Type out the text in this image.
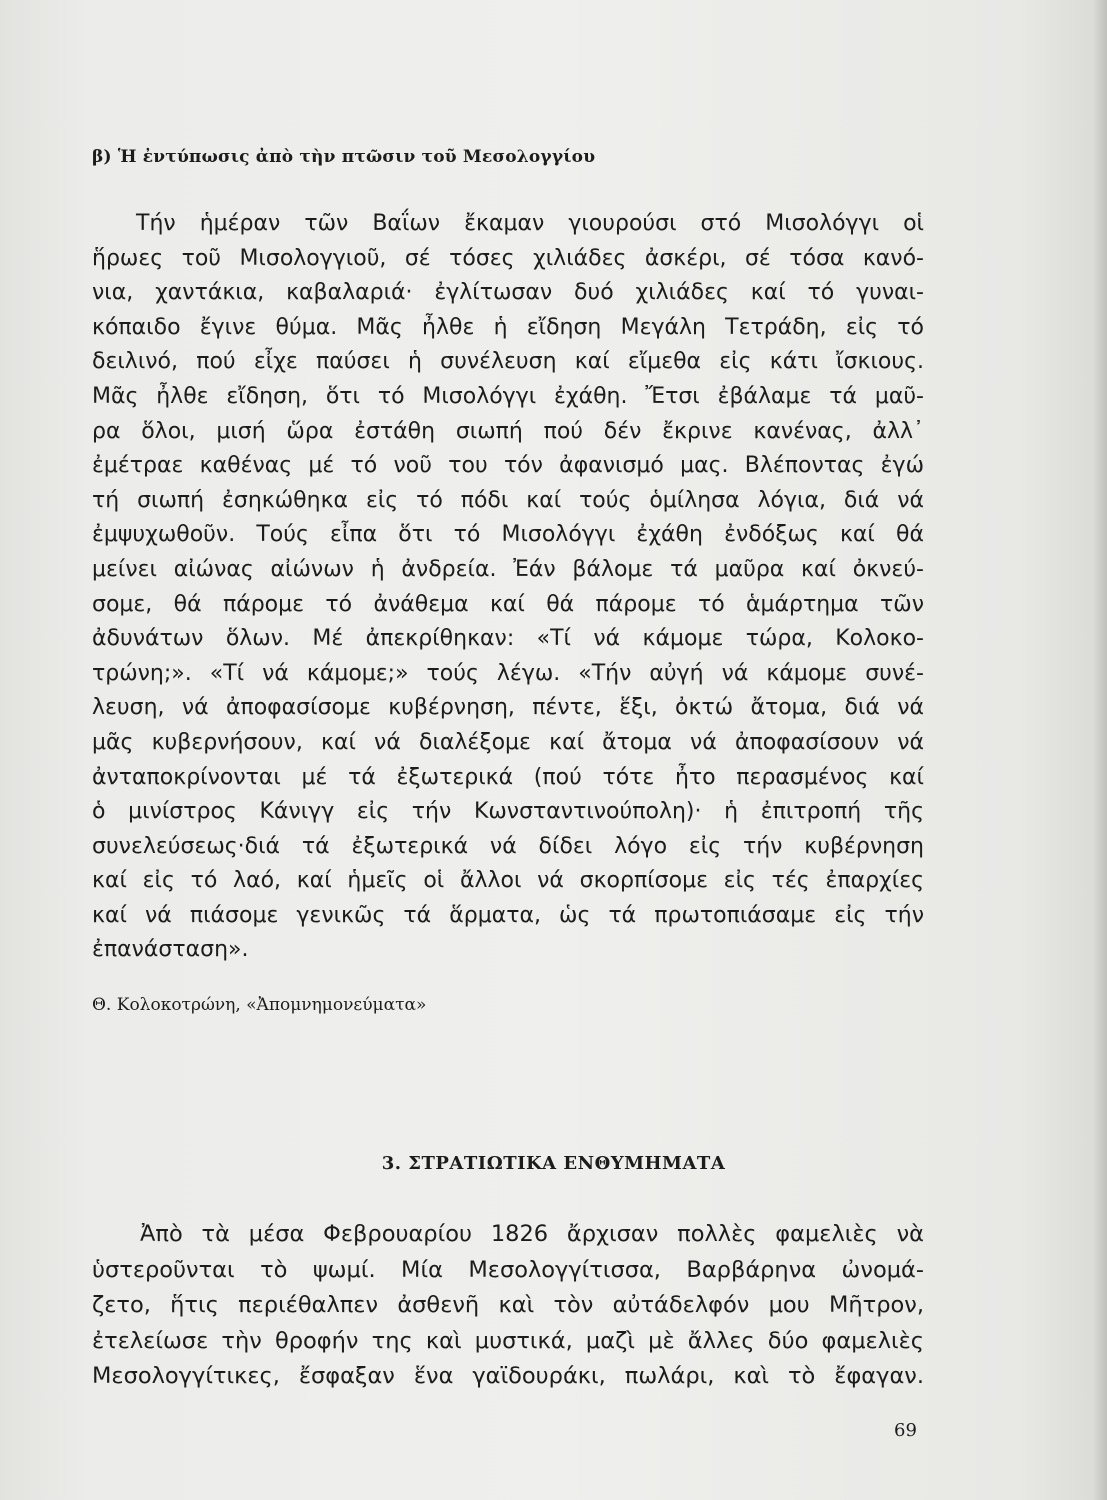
β) Ἡ ἐντύπωσις ἀπὸ τὴν πτῶσιν τοῦ Μεσολογγίου
Τήν ἡμέραν τῶν Βαΐων ἔκαμαν γιουρούσι στό Μισολόγγι οἱ
ἥρωες τοῦ Μισολογγιοῦ, σέ τόσες χιλιάδες ἀσκέρι, σέ τόσα κανό-
νια, χαντάκια, καβαλαριά· ἐγλίτωσαν δυό χιλιάδες καί τό γυναι-
κόπαιδο ἔγινε θύμα. Μᾶς ἦλθε ἡ εἴδηση Μεγάλη Τετράδη, εἰς τό
δειλινό, πού εἶχε παύσει ἡ συνέλευση καί εἴμεθα εἰς κάτι ἴσκιους.
Μᾶς ἦλθε εἴδηση, ὅτι τό Μισολόγγι ἐχάθη. Ἔτσι ἐβάλαμε τά μαῦ-
ρα ὅλοι, μισή ὥρα ἐστάθη σιωπή πού δέν ἔκρινε κανένας, ἀλλ᾽
ἐμέτραε καθένας μέ τό νοῦ του τόν ἀφανισμό μας. Βλέποντας ἐγώ
τή σιωπή ἐσηκώθηκα εἰς τό πόδι καί τούς ὁμίλησα λόγια, διά νά
ἐμψυχωθοῦν. Τούς εἶπα ὅτι τό Μισολόγγι ἐχάθη ἐνδόξως καί θά
μείνει αἰώνας αἰώνων ἡ ἀνδρεία. Ἐάν βάλομε τά μαῦρα καί ὀκνεύ-
σομε, θά πάρομε τό ἀνάθεμα καί θά πάρομε τό ἁμάρτημα τῶν
ἀδυνάτων ὅλων. Μέ ἀπεκρίθηκαν: «Τί νά κάμομε τώρα, Κολοκο-
τρώνη;». «Τί νά κάμομε;» τούς λέγω. «Τήν αὐγή νά κάμομε συνέ-
λευση, νά ἀποφασίσομε κυβέρνηση, πέντε, ἕξι, ὀκτώ ἄτομα, διά νά
μᾶς κυβερνήσουν, καί νά διαλέξομε καί ἄτομα νά ἀποφασίσουν νά
ἀνταποκρίνονται μέ τά ἐξωτερικά (πού τότε ἦτο περασμένος καί
ὁ μινίστρος Κάνιγγ εἰς τήν Κωνσταντινούπολη)· ἡ ἐπιτροπή τῆς
συνελεύσεως·διά τά ἐξωτερικά νά δίδει λόγο εἰς τήν κυβέρνηση
καί εἰς τό λαό, καί ἡμεῖς οἱ ἄλλοι νά σκορπίσομε εἰς τές ἐπαρχίες
καί νά πιάσομε γενικῶς τά ἅρματα, ὡς τά πρωτοπιάσαμε εἰς τήν
ἐπανάσταση».
Θ. Κολοκοτρώνη, «Ἀπομνημονεύματα»
3. ΣΤΡΑΤΙΩΤΙΚΑ ΕΝΘΥΜΗΜΑΤΑ
Ἀπὸ τὰ μέσα Φεβρουαρίου 1826 ἄρχισαν πολλὲς φαμελιὲς νὰ
ὑστεροῦνται τὸ ψωμί. Μία Μεσολογγίτισσα, Βαρβάρηνα ὠνομά-
ζετο, ἥτις περιέθαλπεν ἀσθενῆ καὶ τὸν αὐτάδελφόν μου Μῆτρον,
ἐτελείωσε τὴν θροφήν της καὶ μυστικά, μαζὶ μὲ ἄλλες δύο φαμελιὲς
Μεσολογγίτικες, ἔσφαξαν ἕνα γαϊδουράκι, πωλάρι, καὶ τὸ ἔφαγαν.
69
